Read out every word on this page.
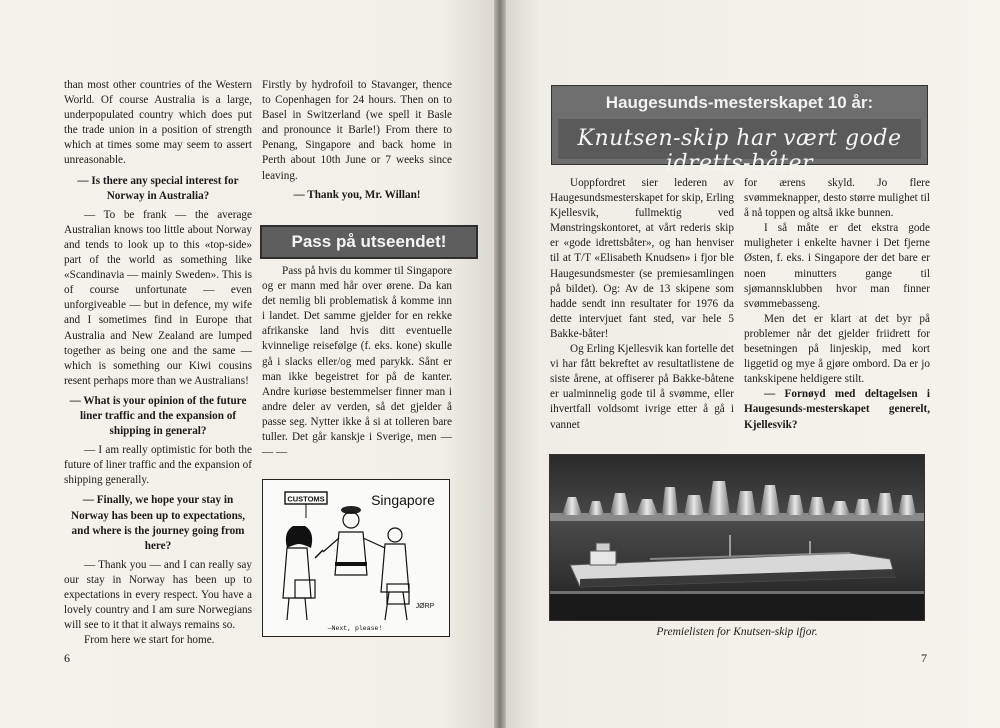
than most other countries of the Western World. Of course Australia is a large, underpopulated country which does put the trade union in a position of strength which at times some may seem to assert unreasonable.

— Is there any special interest for Norway in Australia?

— To be frank — the average Australian knows too little about Norway and tends to look up to this «top-side» part of the world as something like «Scandinavia — mainly Sweden». This is of course unfortunate — even unforgiveable — but in defence, my wife and I sometimes find in Europe that Australia and New Zealand are lumped together as being one and the same — which is something our Kiwi cousins resent perhaps more than we Australians!

— What is your opinion of the future liner traffic and the expansion of shipping in general?

— I am really optimistic for both the future of liner traffic and the expansion of shipping generally.

— Finally, we hope your stay in Norway has been up to expectations, and where is the journey going from here?

— Thank you — and I can really say our stay in Norway has been up to expectations in every respect. You have a lovely country and I am sure Norwegians will see to it that it always remains so.

From here we start for home.

Firstly by hydrofoil to Stavanger, thence to Copenhagen for 24 hours. Then on to Basel in Switzerland (we spell it Basle and pronounce it Barle!) From there to Penang, Singapore and back home in Perth about 10th June or 7 weeks since leaving.

— Thank you, Mr. Willan!

Pass på utseendet!

Pass på hvis du kommer til Singapore og er mann med hår over ørene. Da kan det nemlig bli problematisk å komme inn i landet. Det samme gjelder for en rekke afrikanske land hvis ditt eventuelle kvinnelige reisefølge (f. eks. kone) skulle gå i slacks eller/og med parykk. Sånt er man ikke begeistret for på de kanter. Andre kuriøse bestemmelser finner man i andre deler av verden, så det gjelder å passe seg. Nytter ikke å si at tolleren bare tuller. Det går kanskje i Sverige, men — — —

CUSTOMS	Singapore
JØRP
—Next, please!
6
Haugesunds-mesterskapet 10 år:
Knutsen-skip har vært gode idretts-båter

Uoppfordret sier lederen av Haugesundsmesterskapet for skip, Erling Kjellesvik, fullmektig ved Mønstringskontoret, at vårt rederis skip er «gode idrettsbåter», og han henviser til at T/T «Elisabeth Knudsen» i fjor ble Haugesundsmester (se premiesamlingen på bildet). Og: Av de 13 skipene som hadde sendt inn resultater for 1976 da dette intervjuet fant sted, var hele 5 Bakke-båter!

Og Erling Kjellesvik kan fortelle det vi har fått bekreftet av resultatlistene de siste årene, at offiserer på Bakke-båtene er ualminnelig gode til å svømme, eller ihvertfall voldsomt ivrige etter å gå i vannet

for ærens skyld. Jo flere svømmeknapper, desto større mulighet til å nå toppen og altså ikke bunnen.

I så måte er det ekstra gode muligheter i enkelte havner i Det fjerne Østen, f. eks. i Singapore der det bare er noen minutters gange til sjømannsklubben hvor man finner svømmebasseng.

Men det er klart at det byr på problemer når det gjelder friidrett for besetningen på linjeskip, med kort liggetid og mye å gjøre ombord. Da er jo tankskipene heldigere stilt.

— Fornøyd med deltagelsen i Haugesunds-mesterskapet generelt, Kjellesvik?

Premielisten for Knutsen-skip ifjor.
7
